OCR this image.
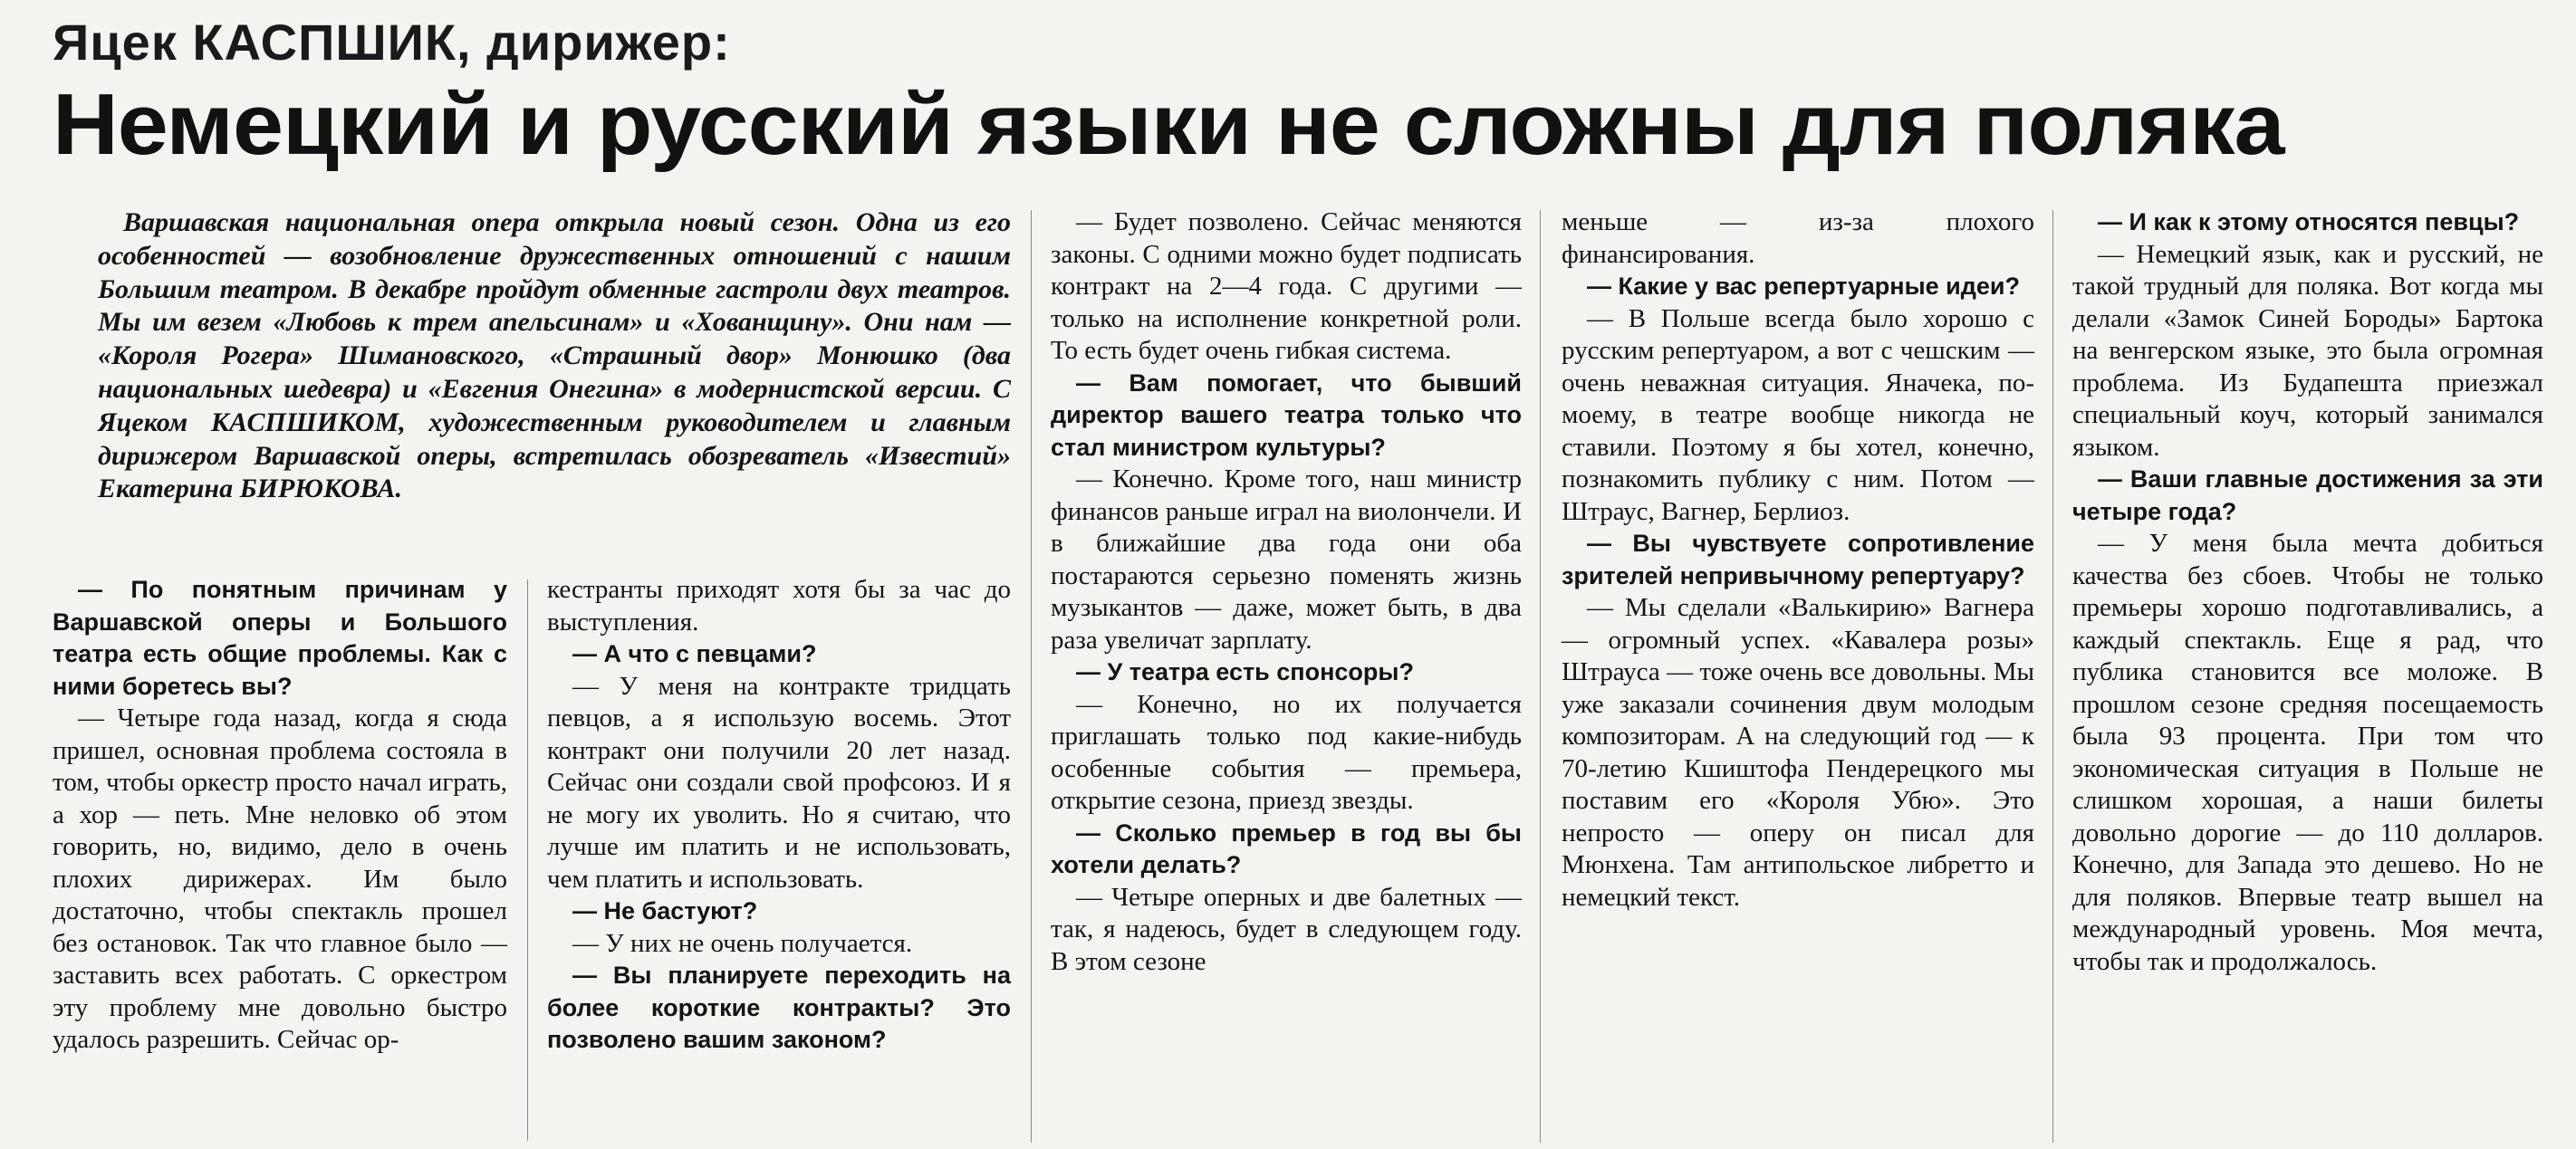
Яцек КАСПШИК, дирижер:
Немецкий и русский языки не сложны для поляка

Варшавская национальная опера открыла новый сезон. Одна из его особенностей — возобновление дружественных отношений с нашим Большим театром. В декабре пройдут обменные гастроли двух театров. Мы им везем «Любовь к трем апельсинам» и «Хованщину». Они нам — «Короля Рогера» Шимановского, «Страшный двор» Монюшко (два национальных шедевра) и «Евгения Онегина» в модернистской версии. С Яцеком КАСПШИКОМ, художественным руководителем и главным дирижером Варшавской оперы, встретилась обозреватель «Известий» Екатерина БИРЮКОВА.

— По понятным причинам у Варшавской оперы и Большого театра есть общие проблемы. Как с ними боретесь вы?

— Четыре года назад, когда я сюда пришел, основная проблема состояла в том, чтобы оркестр просто начал играть, а хор — петь. Мне неловко об этом говорить, но, видимо, дело в очень плохих дирижерах. Им было достаточно, чтобы спектакль прошел без остановок. Так что главное было — заставить всех работать. С оркестром эту проблему мне довольно быстро удалось разрешить. Сейчас ор-

кестранты приходят хотя бы за час до выступления.

— А что с певцами?

— У меня на контракте тридцать певцов, а я использую восемь. Этот контракт они получили 20 лет назад. Сейчас они создали свой профсоюз. И я не могу их уволить. Но я считаю, что лучше им платить и не использовать, чем платить и использовать.

— Не бастуют?

— У них не очень получается.

— Вы планируете переходить на более короткие контракты? Это позволено вашим законом?

— Будет позволено. Сейчас меняются законы. С одними можно будет подписать контракт на 2—4 года. С другими — только на исполнение конкретной роли. То есть будет очень гибкая система.

— Вам помогает, что бывший директор вашего театра только что стал министром культуры?

— Конечно. Кроме того, наш министр финансов раньше играл на виолончели. И в ближайшие два года они оба постараются серьезно поменять жизнь музыкантов — даже, может быть, в два раза увеличат зарплату.

— У театра есть спонсоры?

— Конечно, но их получается приглашать только под какие-нибудь особенные события — премьера, открытие сезона, приезд звезды.

— Сколько премьер в год вы бы хотели делать?

— Четыре оперных и две балетных — так, я надеюсь, будет в следующем году. В этом сезоне

меньше — из-за плохого финансирования.

— Какие у вас репертуарные идеи?

— В Польше всегда было хорошо с русским репертуаром, а вот с чешским — очень неважная ситуация. Яначека, по-моему, в театре вообще никогда не ставили. Поэтому я бы хотел, конечно, познакомить публику с ним. Потом — Штраус, Вагнер, Берлиоз.

— Вы чувствуете сопротивление зрителей непривычному репертуару?

— Мы сделали «Валькирию» Вагнера — огромный успех. «Кавалера розы» Штрауса — тоже очень все довольны. Мы уже заказали сочинения двум молодым композиторам. А на следующий год — к 70-летию Кшиштофа Пендерецкого мы поставим его «Короля Убю». Это непросто — оперу он писал для Мюнхена. Там антипольское либретто и немецкий текст.

— И как к этому относятся певцы?

— Немецкий язык, как и русский, не такой трудный для поляка. Вот когда мы делали «Замок Синей Бороды» Бартока на венгерском языке, это была огромная проблема. Из Будапешта приезжал специальный коуч, который занимался языком.

— Ваши главные достижения за эти четыре года?

— У меня была мечта добиться качества без сбоев. Чтобы не только премьеры хорошо подготавливались, а каждый спектакль. Еще я рад, что публика становится все моложе. В прошлом сезоне средняя посещаемость была 93 процента. При том что экономическая ситуация в Польше не слишком хорошая, а наши билеты довольно дорогие — до 110 долларов. Конечно, для Запада это дешево. Но не для поляков. Впервые театр вышел на международный уровень. Моя мечта, чтобы так и продолжалось.
